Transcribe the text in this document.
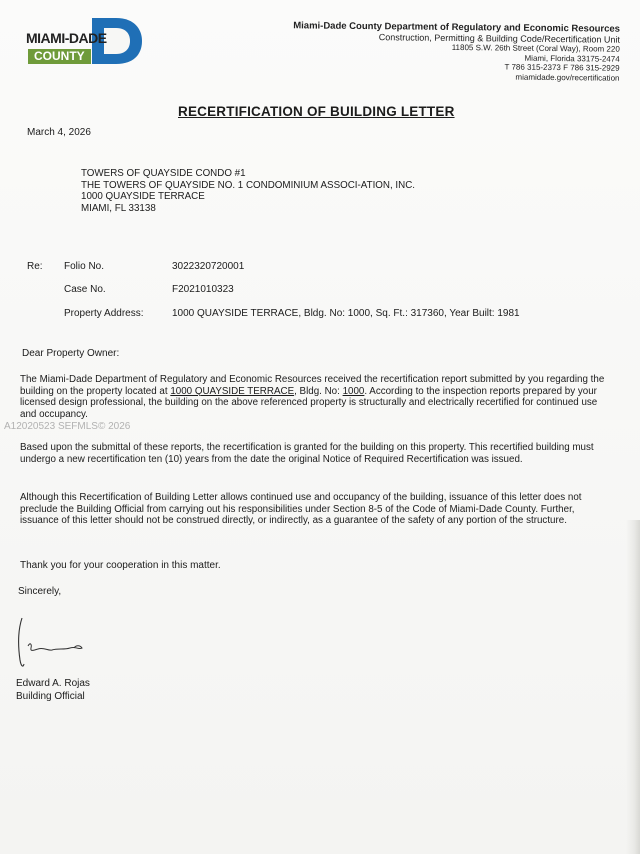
MIAMI-DADE
COUNTY
Miami-Dade County Department of Regulatory and Economic Resources
Construction, Permitting & Building Code/Recertification Unit
11805 S.W. 26th Street (Coral Way), Room 220
Miami, Florida 33175-2474
T 786 315-2373 F 786 315-2929
miamidade.gov/recertification
RECERTIFICATION OF BUILDING LETTER
March 4, 2026
TOWERS OF QUAYSIDE CONDO #1
THE TOWERS OF QUAYSIDE NO. 1 CONDOMINIUM ASSOCI-ATION, INC.
1000 QUAYSIDE TERRACE
MIAMI, FL 33138
Re: Folio No.	3022320720001
Case No.	F2021010323
Property Address:	1000 QUAYSIDE TERRACE, Bldg. No: 1000, Sq. Ft.: 317360, Year Built: 1981
Dear Property Owner:
The Miami-Dade Department of Regulatory and Economic Resources received the recertification report submitted by you regarding the building on the property located at 1000 QUAYSIDE TERRACE, Bldg. No: 1000. According to the inspection reports prepared by your licensed design professional, the building on the above referenced property is structurally and electrically recertified for continued use and occupancy.
A12020523 SEFMLS© 2026
Based upon the submittal of these reports, the recertification is granted for the building on this property. This recertified building must undergo a new recertification ten (10) years from the date the original Notice of Required Recertification was issued.
Although this Recertification of Building Letter allows continued use and occupancy of the building, issuance of this letter does not preclude the Building Official from carrying out his responsibilities under Section 8-5 of the Code of Miami-Dade County. Further, issuance of this letter should not be construed directly, or indirectly, as a guarantee of the safety of any portion of the structure.
Thank you for your cooperation in this matter.
Sincerely,
Edward A. Rojas
Building Official
